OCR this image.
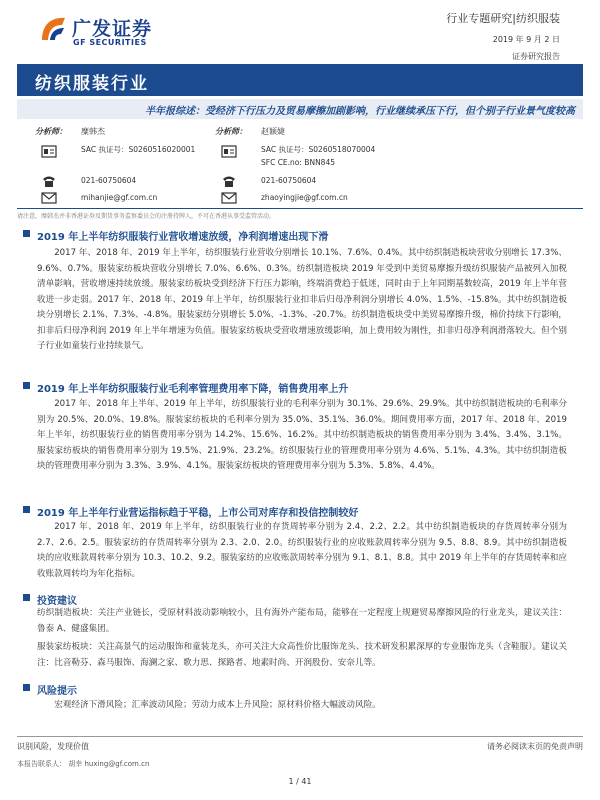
广发证券
GF SECURITIES
行业专题研究|纺织服装
2019 年 9 月 2 日
证券研究报告
纺织服装行业
半年报综述：受经济下行压力及贸易摩擦加剧影响，行业继续承压下行，但个别子行业景气度较高
分析师： 糜韩杰
SAC 执证号：S0260516020001
021-60750604
mihanjie@gf.com.cn
分析师： 赵颖婕
SAC 执证号：S0260518070004
SFC CE.no: BNN845
021-60750604
zhaoyingjie@gf.com.cn
请注意，糜韩杰并非香港证券及期货事务监察委员会的注册持牌人，不可在香港从事受监管活动。
2019 年上半年纺织服装行业营收增速放缓，净利润增速出现下滑
2017 年、2018 年、2019 年上半年，纺织服装行业营收分别增长 10.1%、7.6%、0.4%。其中纺织制造板块营收分别增长 17.3%、9.6%、0.7%。服装家纺板块营收分别增长 7.0%、6.6%、0.3%。纺织制造板块 2019 年受到中美贸易摩擦升级纺织服装产品被列入加税清单影响，营收增速持续放缓。服装家纺板块受到经济下行压力影响，终端消费趋于低迷，同时由于上年同期基数较高，2019 年上半年营收进一步走弱。2017 年、2018 年、2019 年上半年，纺织服装行业扣非后归母净利润分别增长 4.0%、1.5%、-15.8%。其中纺织制造板块分别增长 2.1%、7.3%、-4.8%。服装家纺分别增长 5.0%、-1.3%、-20.7%。纺织制造板块受中美贸易摩擦升级，棉价持续下行影响，扣非后归母净利润 2019 年上半年增速为负值。服装家纺板块受营收增速放缓影响，加上费用较为刚性，扣非归母净利润滑落较大。但个别子行业如童装行业持续景气。
2019 年上半年纺织服装行业毛利率管理费用率下降，销售费用率上升
2017 年、2018 年上半年、2019 年上半年，纺织服装行业的毛利率分别为 30.1%、29.6%、29.9%。其中纺织制造板块的毛利率分别为 20.5%、20.0%、19.8%。服装家纺板块的毛利率分别为 35.0%、35.1%、36.0%。期间费用率方面，2017 年、2018 年、2019 年上半年，纺织服装行业的销售费用率分别为 14.2%、15.6%、16.2%。其中纺织制造板块的销售费用率分别为 3.4%、3.4%、3.1%。服装家纺板块的销售费用率分别为 19.5%、21.9%、23.2%。纺织服装行业的管理费用率分别为 4.6%、5.1%、4.3%。其中纺织制造板块的管理费用率分别为 3.3%、3.9%、4.1%。服装家纺板块的管理费用率分别为 5.3%、5.8%、4.4%。
2019 年上半年行业营运指标趋于平稳，上市公司对库存和投信控制较好
2017 年、2018 年、2019 年上半年，纺织服装行业的存货周转率分别为 2.4、2.2、2.2。其中纺织制造板块的存货周转率分别为 2.7、2.6、2.5。服装家纺的存货周转率分别为 2.3、2.0、2.0。纺织服装行业的应收账款周转率分别为 9.5、8.8、8.9。其中纺织制造板块的应收账款周转率分别为 10.3、10.2、9.2。服装家纺的应收账款周转率分别为 9.1、8.1、8.8。其中 2019 年上半年的存货周转率和应收账款周转均为年化指标。
投资建议
纺织制造板块：关注产业链长，受原材料波动影响较小，且有海外产能布局，能够在一定程度上规避贸易摩擦风险的行业龙头，建议关注：鲁泰 A、健盛集团。
服装家纺板块：关注高景气的运动服饰和童装龙头，亦可关注大众高性价比服饰龙头、技术研发积累深厚的专业服饰龙头（含鞋服）。建议关注：比音勒芬、森马服饰、海澜之家、歌力思、探路者、地素时尚、开润股份、安奈儿等。
风险提示
宏观经济下滑风险；汇率波动风险；劳动力成本上升风险；原材料价格大幅波动风险。
识别风险，发现价值	请务必阅读末页的免责声明
本报告联系人： 胡幸 huxing@gf.com.cn
1 / 41
